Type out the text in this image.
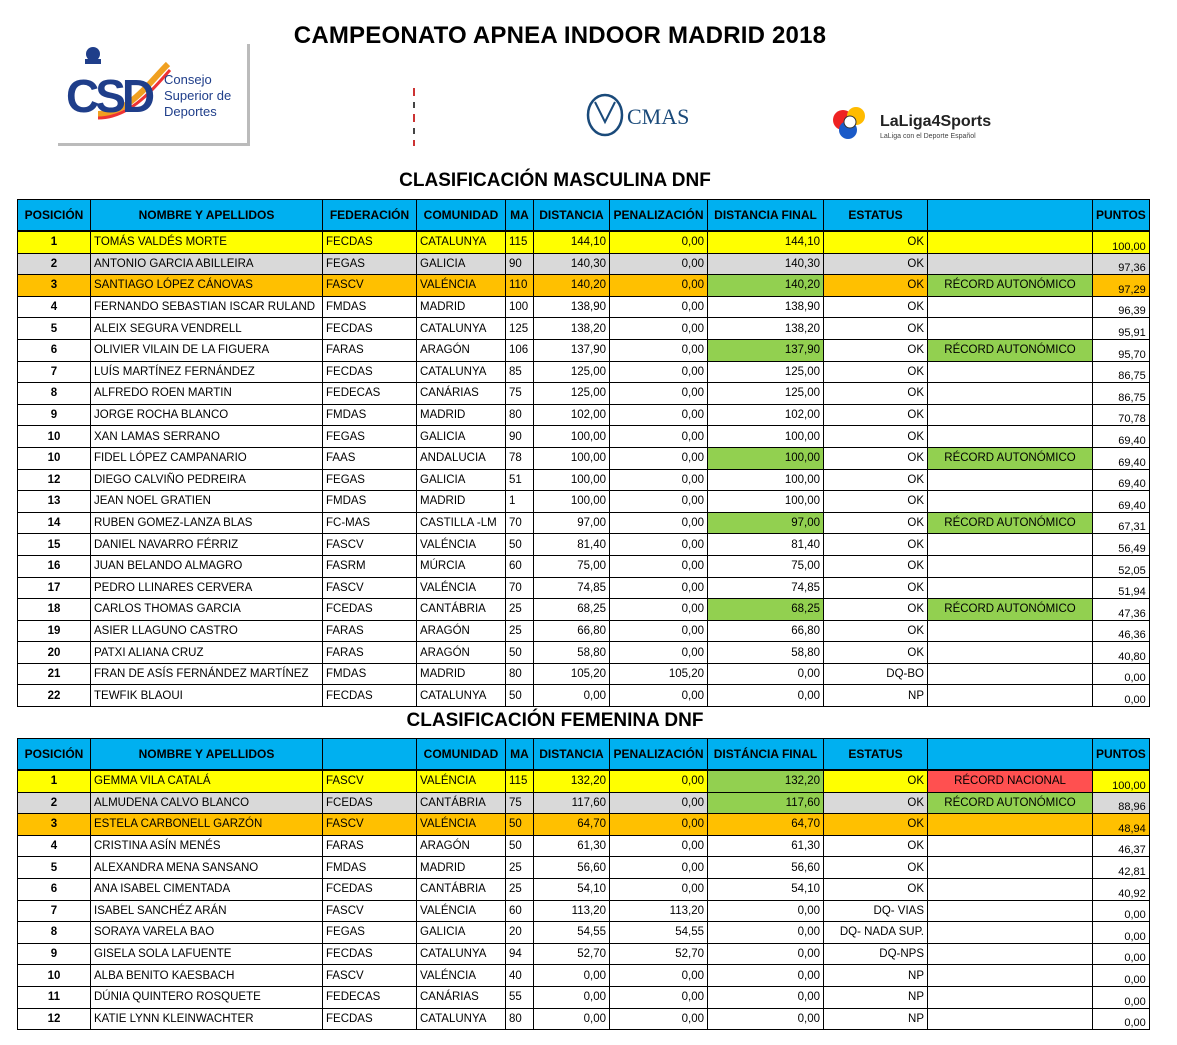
CAMPEONATO APNEA INDOOR MADRID 2018
CSD Consejo
Superior de
Deportes	CMAS	LaLiga4Sports
LaLiga con el Deporte Español
CLASIFICACIÓN MASCULINA DNF
POSICIÓN	NOMBRE Y APELLIDOS	FEDERACIÓN	COMUNIDAD	MA	DISTANCIA	PENALIZACIÓN	DISTANCIA FINAL	ESTATUS		PUNTOS
1	TOMÁS VALDÉS MORTE	FECDAS	CATALUNYA	115	144,10	0,00	144,10	OK		100,00
2	ANTONIO GARCIA ABILLEIRA	FEGAS	GALICIA	90	140,30	0,00	140,30	OK		97,36
3	SANTIAGO LÓPEZ CÁNOVAS	FASCV	VALÉNCIA	110	140,20	0,00	140,20	OK	RÉCORD AUTONÓMICO	97,29
4	FERNANDO SEBASTIAN ISCAR RULAND	FMDAS	MADRID	100	138,90	0,00	138,90	OK		96,39
5	ALEIX SEGURA VENDRELL	FECDAS	CATALUNYA	125	138,20	0,00	138,20	OK		95,91
6	OLIVIER VILAIN DE LA FIGUERA	FARAS	ARAGÓN	106	137,90	0,00	137,90	OK	RÉCORD AUTONÓMICO	95,70
7	LUÍS MARTÍNEZ FERNÁNDEZ	FECDAS	CATALUNYA	85	125,00	0,00	125,00	OK		86,75
8	ALFREDO ROEN MARTIN	FEDECAS	CANÁRIAS	75	125,00	0,00	125,00	OK		86,75
9	JORGE ROCHA BLANCO	FMDAS	MADRID	80	102,00	0,00	102,00	OK		70,78
10	XAN LAMAS SERRANO	FEGAS	GALICIA	90	100,00	0,00	100,00	OK		69,40
10	FIDEL LÓPEZ CAMPANARIO	FAAS	ANDALUCIA	78	100,00	0,00	100,00	OK	RÉCORD AUTONÓMICO	69,40
12	DIEGO CALVIÑO PEDREIRA	FEGAS	GALICIA	51	100,00	0,00	100,00	OK		69,40
13	JEAN NOEL GRATIEN	FMDAS	MADRID	1	100,00	0,00	100,00	OK		69,40
14	RUBEN GOMEZ-LANZA BLAS	FC-MAS	CASTILLA -LM	70	97,00	0,00	97,00	OK	RÉCORD AUTONÓMICO	67,31
15	DANIEL NAVARRO FÉRRIZ	FASCV	VALÉNCIA	50	81,40	0,00	81,40	OK		56,49
16	JUAN BELANDO ALMAGRO	FASRM	MÚRCIA	60	75,00	0,00	75,00	OK		52,05
17	PEDRO LLINARES CERVERA	FASCV	VALÉNCIA	70	74,85	0,00	74,85	OK		51,94
18	CARLOS THOMAS GARCIA	FCEDAS	CANTÁBRIA	25	68,25	0,00	68,25	OK	RÉCORD AUTONÓMICO	47,36
19	ASIER LLAGUNO CASTRO	FARAS	ARAGÓN	25	66,80	0,00	66,80	OK		46,36
20	PATXI ALIANA CRUZ	FARAS	ARAGÓN	50	58,80	0,00	58,80	OK		40,80
21	FRAN DE ASÍS FERNÁNDEZ MARTÍNEZ	FMDAS	MADRID	80	105,20	105,20	0,00	DQ-BO		0,00
22	TEWFIK BLAOUI	FECDAS	CATALUNYA	50	0,00	0,00	0,00	NP		0,00
CLASIFICACIÓN FEMENINA DNF
POSICIÓN	NOMBRE Y APELLIDOS		COMUNIDAD	MA	DISTANCIA	PENALIZACIÓN	DISTÁNCIA FINAL	ESTATUS		PUNTOS
1	GEMMA VILA CATALÁ	FASCV	VALÉNCIA	115	132,20	0,00	132,20	OK	RÉCORD NACIONAL	100,00
2	ALMUDENA CALVO BLANCO	FCEDAS	CANTÁBRIA	75	117,60	0,00	117,60	OK	RÉCORD AUTONÓMICO	88,96
3	ESTELA CARBONELL GARZÓN	FASCV	VALÉNCIA	50	64,70	0,00	64,70	OK		48,94
4	CRISTINA ASÍN MENÉS	FARAS	ARAGÓN	50	61,30	0,00	61,30	OK		46,37
5	ALEXANDRA MENA SANSANO	FMDAS	MADRID	25	56,60	0,00	56,60	OK		42,81
6	ANA ISABEL CIMENTADA	FCEDAS	CANTÁBRIA	25	54,10	0,00	54,10	OK		40,92
7	ISABEL SANCHÉZ ARÁN	FASCV	VALÉNCIA	60	113,20	113,20	0,00	DQ- VIAS		0,00
8	SORAYA VARELA BAO	FEGAS	GALICIA	20	54,55	54,55	0,00	DQ- NADA SUP.		0,00
9	GISELA SOLA LAFUENTE	FECDAS	CATALUNYA	94	52,70	52,70	0,00	DQ-NPS		0,00
10	ALBA BENITO KAESBACH	FASCV	VALÉNCIA	40	0,00	0,00	0,00	NP		0,00
11	DÚNIA QUINTERO ROSQUETE	FEDECAS	CANÁRIAS	55	0,00	0,00	0,00	NP		0,00
12	KATIE LYNN KLEINWACHTER	FECDAS	CATALUNYA	80	0,00	0,00	0,00	NP		0,00
